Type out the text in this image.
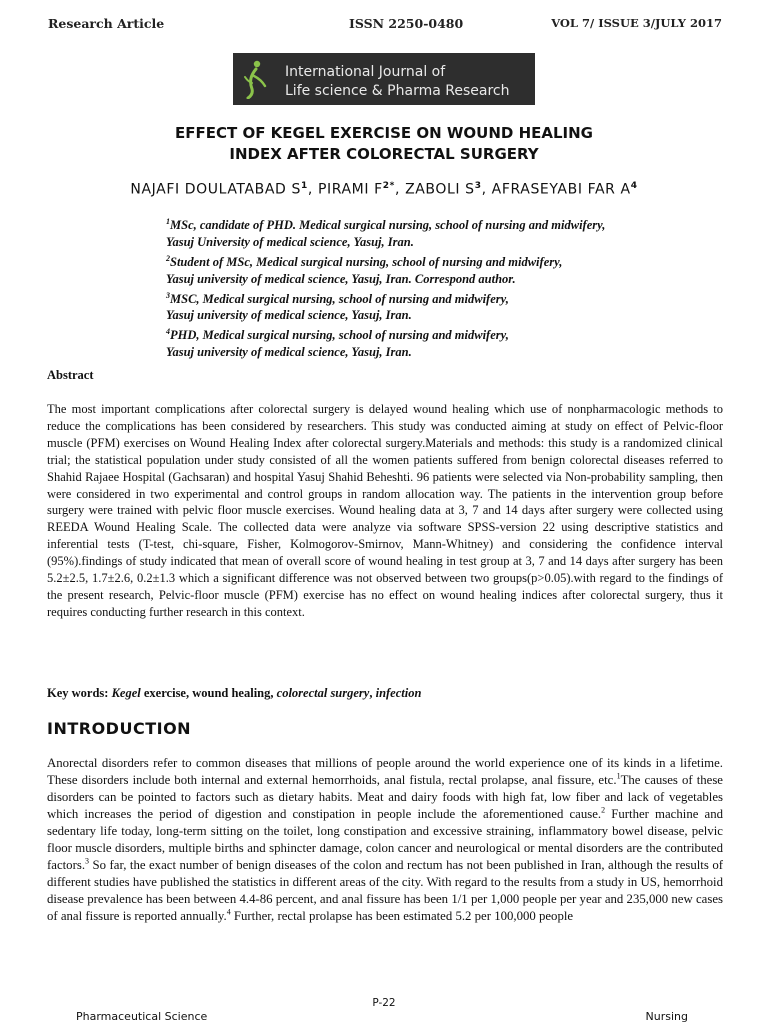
Research Article	ISSN 2250-0480	VOL 7/ ISSUE 3/JULY 2017
International Journal of
Life science & Pharma Research
EFFECT OF KEGEL EXERCISE ON WOUND HEALING
INDEX AFTER COLORECTAL SURGERY
NAJAFI DOULATABAD $S^1$, PIRAMI $F^{2*}$, ZABOLI $S^3$, AFRASEYABI FAR $A^4$
$^1$MSc, candidate of PHD. Medical surgical nursing, school of nursing and midwifery,
Yasuj University of medical science, Yasuj, Iran.
$^2$Student of MSc, Medical surgical nursing, school of nursing and midwifery,
Yasuj university of medical science, Yasuj, Iran. Correspond author.
$^3$MSC, Medical surgical nursing, school of nursing and midwifery,
Yasuj university of medical science, Yasuj, Iran.
$^4$PHD, Medical surgical nursing, school of nursing and midwifery,
Yasuj university of medical science, Yasuj, Iran.
Abstract
The most important complications after colorectal surgery is delayed wound healing which use of nonpharmacologic methods to reduce the complications has been considered by researchers. This study was conducted aiming at study on effect of Pelvic-floor muscle (PFM) exercises on Wound Healing Index after colorectal surgery.Materials and methods: this study is a randomized clinical trial; the statistical population under study consisted of all the women patients suffered from benign colorectal diseases referred to Shahid Rajaee Hospital (Gachsaran) and hospital Yasuj Shahid Beheshti. 96 patients were selected via Non-probability sampling, then were considered in two experimental and control groups in random allocation way. The patients in the intervention group before surgery were trained with pelvic floor muscle exercises. Wound healing data at 3, 7 and 14 days after surgery were collected using REEDA Wound Healing Scale. The collected data were analyze via software SPSS-version 22 using descriptive statistics and inferential tests (T-test, chi-square, Fisher, Kolmogorov-Smirnov, Mann-Whitney) and considering the confidence interval (95%).findings of study indicated that mean of overall score of wound healing in test group at 3, 7 and 14 days after surgery has been 5.2±2.5, 1.7±2.6, 0.2±1.3 which a significant difference was not observed between two groups(p>0.05).with regard to the findings of the present research, Pelvic-floor muscle (PFM) exercise has no effect on wound healing indices after colorectal surgery, thus it requires conducting further research in this context.
Key words: Kegel exercise, wound healing, colorectal surgery, infection
INTRODUCTION
Anorectal disorders refer to common diseases that millions of people around the world experience one of its kinds in a lifetime. These disorders include both internal and external hemorrhoids, anal fistula, rectal prolapse, anal fissure, etc.$^1$The causes of these disorders can be pointed to factors such as dietary habits. Meat and dairy foods with high fat, low fiber and lack of vegetables which increases the period of digestion and constipation in people include the aforementioned cause.$^2$ Further machine and sedentary life today, long-term sitting on the toilet, long constipation and excessive straining, inflammatory bowel disease, pelvic floor muscle disorders, multiple births and sphincter damage, colon cancer and neurological or mental disorders are the contributed factors.$^3$ So far, the exact number of benign diseases of the colon and rectum has not been published in Iran, although the results of different studies have published the statistics in different areas of the city. With regard to the results from a study in US, hemorrhoid disease prevalence has been between 4.4-86 percent, and anal fissure has been 1/1 per 1,000 people per year and 235,000 new cases of anal fissure is reported annually.$^4$ Further, rectal prolapse has been estimated 5.2 per 100,000 people
P-22
Pharmaceutical Science	Nursing
